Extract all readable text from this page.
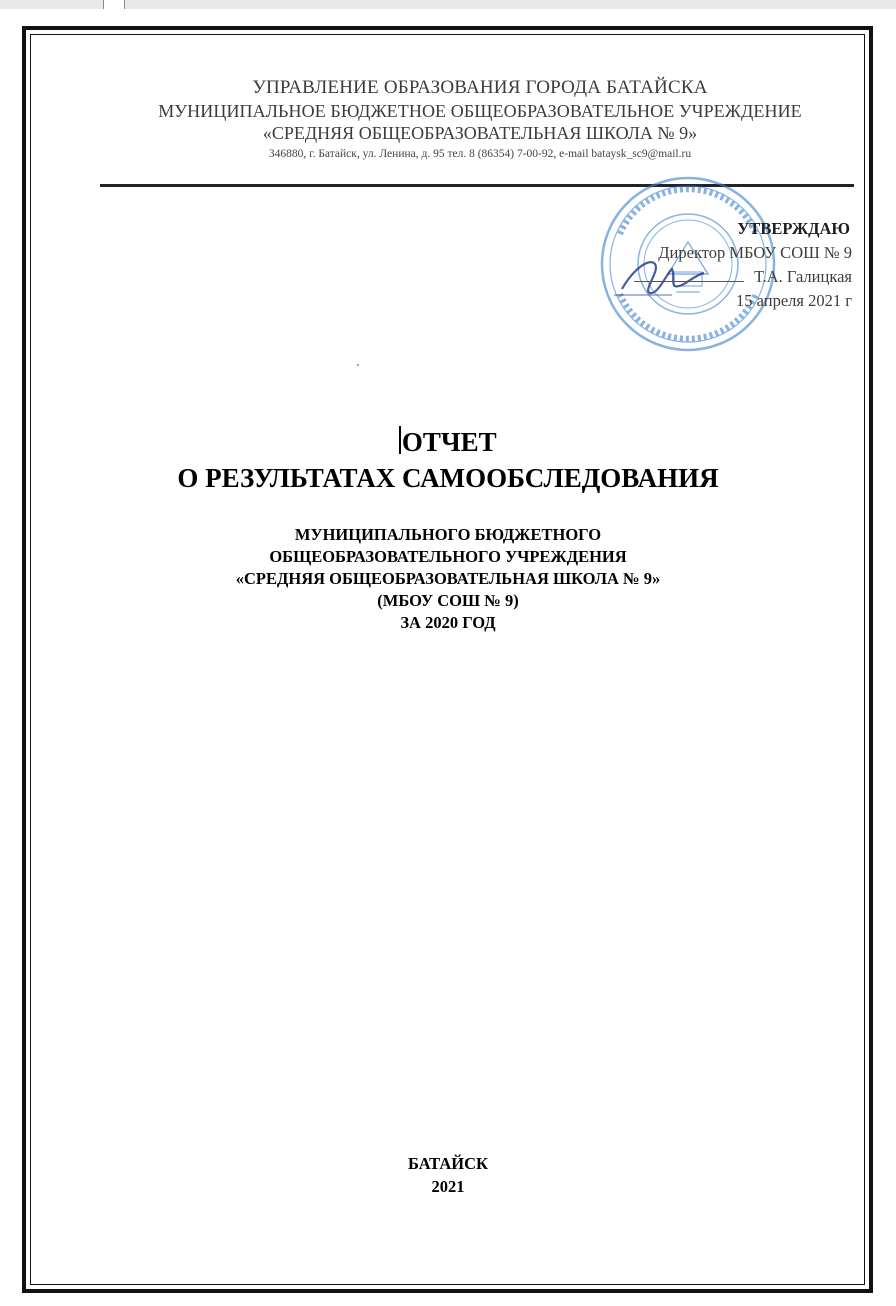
УПРАВЛЕНИЕ ОБРАЗОВАНИЯ ГОРОДА БАТАЙСКА
МУНИЦИПАЛЬНОЕ БЮДЖЕТНОЕ ОБЩЕОБРАЗОВАТЕЛЬНОЕ УЧРЕЖДЕНИЕ
«СРЕДНЯЯ ОБЩЕОБРАЗОВАТЕЛЬНАЯ ШКОЛА № 9»
346880, г. Батайск, ул. Ленина, д. 95 тел. 8 (86354) 7-00-92, e-mail bataysk_sc9@mail.ru
УТВЕРЖДАЮ
Директор МБОУ СОШ № 9
Т.А. Галицкая
15 апреля 2021 г
ОТЧЕТ
О РЕЗУЛЬТАТАХ САМООБСЛЕДОВАНИЯ
МУНИЦИПАЛЬНОГО БЮДЖЕТНОГО
ОБЩЕОБРАЗОВАТЕЛЬНОГО УЧРЕЖДЕНИЯ
«СРЕДНЯЯ ОБЩЕОБРАЗОВАТЕЛЬНАЯ ШКОЛА № 9»
(МБОУ СОШ № 9)
ЗА 2020 ГОД
БАТАЙСК
2021
